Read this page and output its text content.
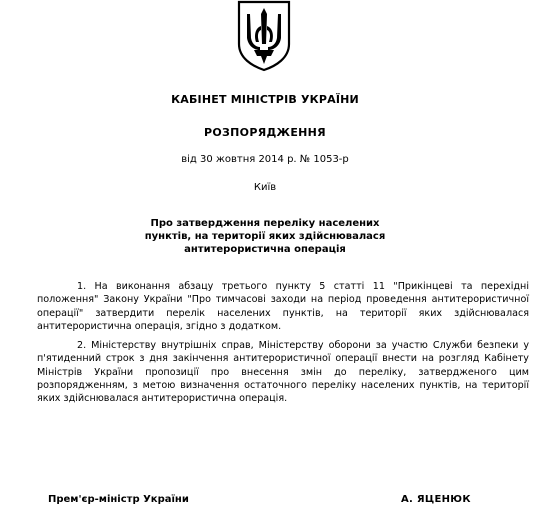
КАБІНЕТ МІНІСТРІВ УКРАЇНИ
РОЗПОРЯДЖЕННЯ
від 30 жовтня 2014 р. № 1053-р
Київ
Про затвердження переліку населених
пунктів, на території яких здійснювалася
антитерористична операція

1. На виконання абзацу третього пункту 5 статті 11 "Прикінцеві та перехідні положення" Закону України "Про тимчасові заходи на період проведення антитерористичної операції" затвердити перелік населених пунктів, на території яких здійснювалася антитерористична операція, згідно з додатком.

2. Міністерству внутрішніх справ, Міністерству оборони за участю Служби безпеки у п'ятиденний строк з дня закінчення антитерористичної операції внести на розгляд Кабінету Міністрів України пропозиції про внесення змін до переліку, затвердженого цим розпорядженням, з метою визначення остаточного переліку населених пунктів, на території яких здійснювалася антитерористична операція.

Прем'єр-міністр України	А. ЯЦЕНЮК
